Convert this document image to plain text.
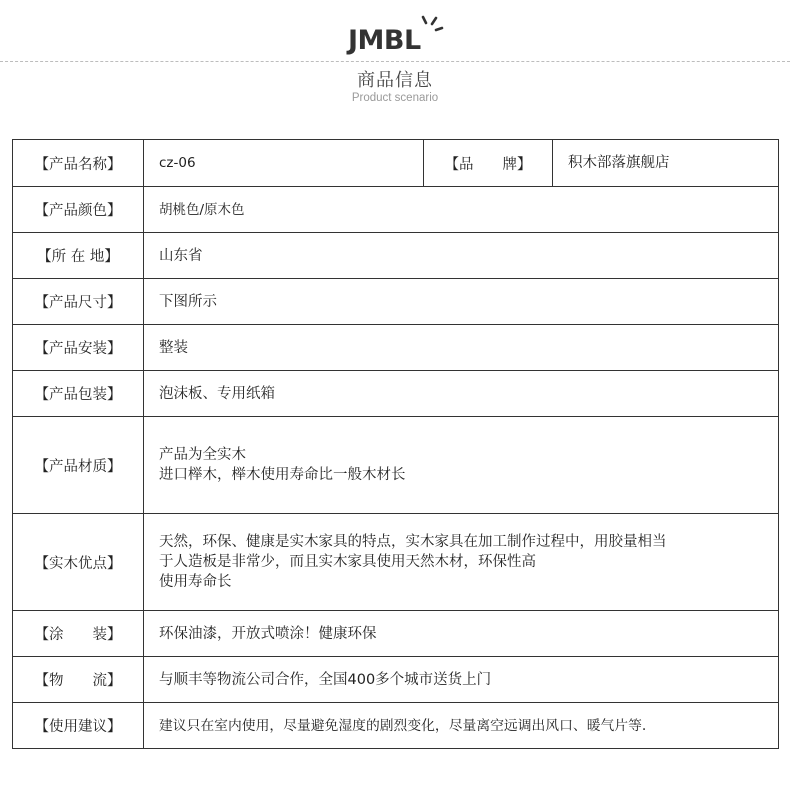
JMBL
商品信息
Product scenario
【产品名称】	cz-06	【品　　牌】	积木部落旗舰店
【产品颜色】	胡桃色/原木色		
【所 在 地】	山东省		
【产品尺寸】	下图所示		
【产品安装】	整装		
【产品包装】	泡沫板、专用纸箱		
【产品材质】	产品为全实木
进口榉木，榉木使用寿命比一般木材长		

【实木优点】	天然，环保、健康是实木家具的特点，实木家具在加工制作过程中，用胶量相当
于人造板是非常少，而且实木家具使用天然木材，环保性高
使用寿命长		

【涂　　装】	环保油漆，开放式喷涂！健康环保		
【物　　流】	与顺丰等物流公司合作，全国400多个城市送货上门		
【使用建议】	建议只在室内使用，尽量避免湿度的剧烈变化，尽量离空远调出风口、暖气片等.		
